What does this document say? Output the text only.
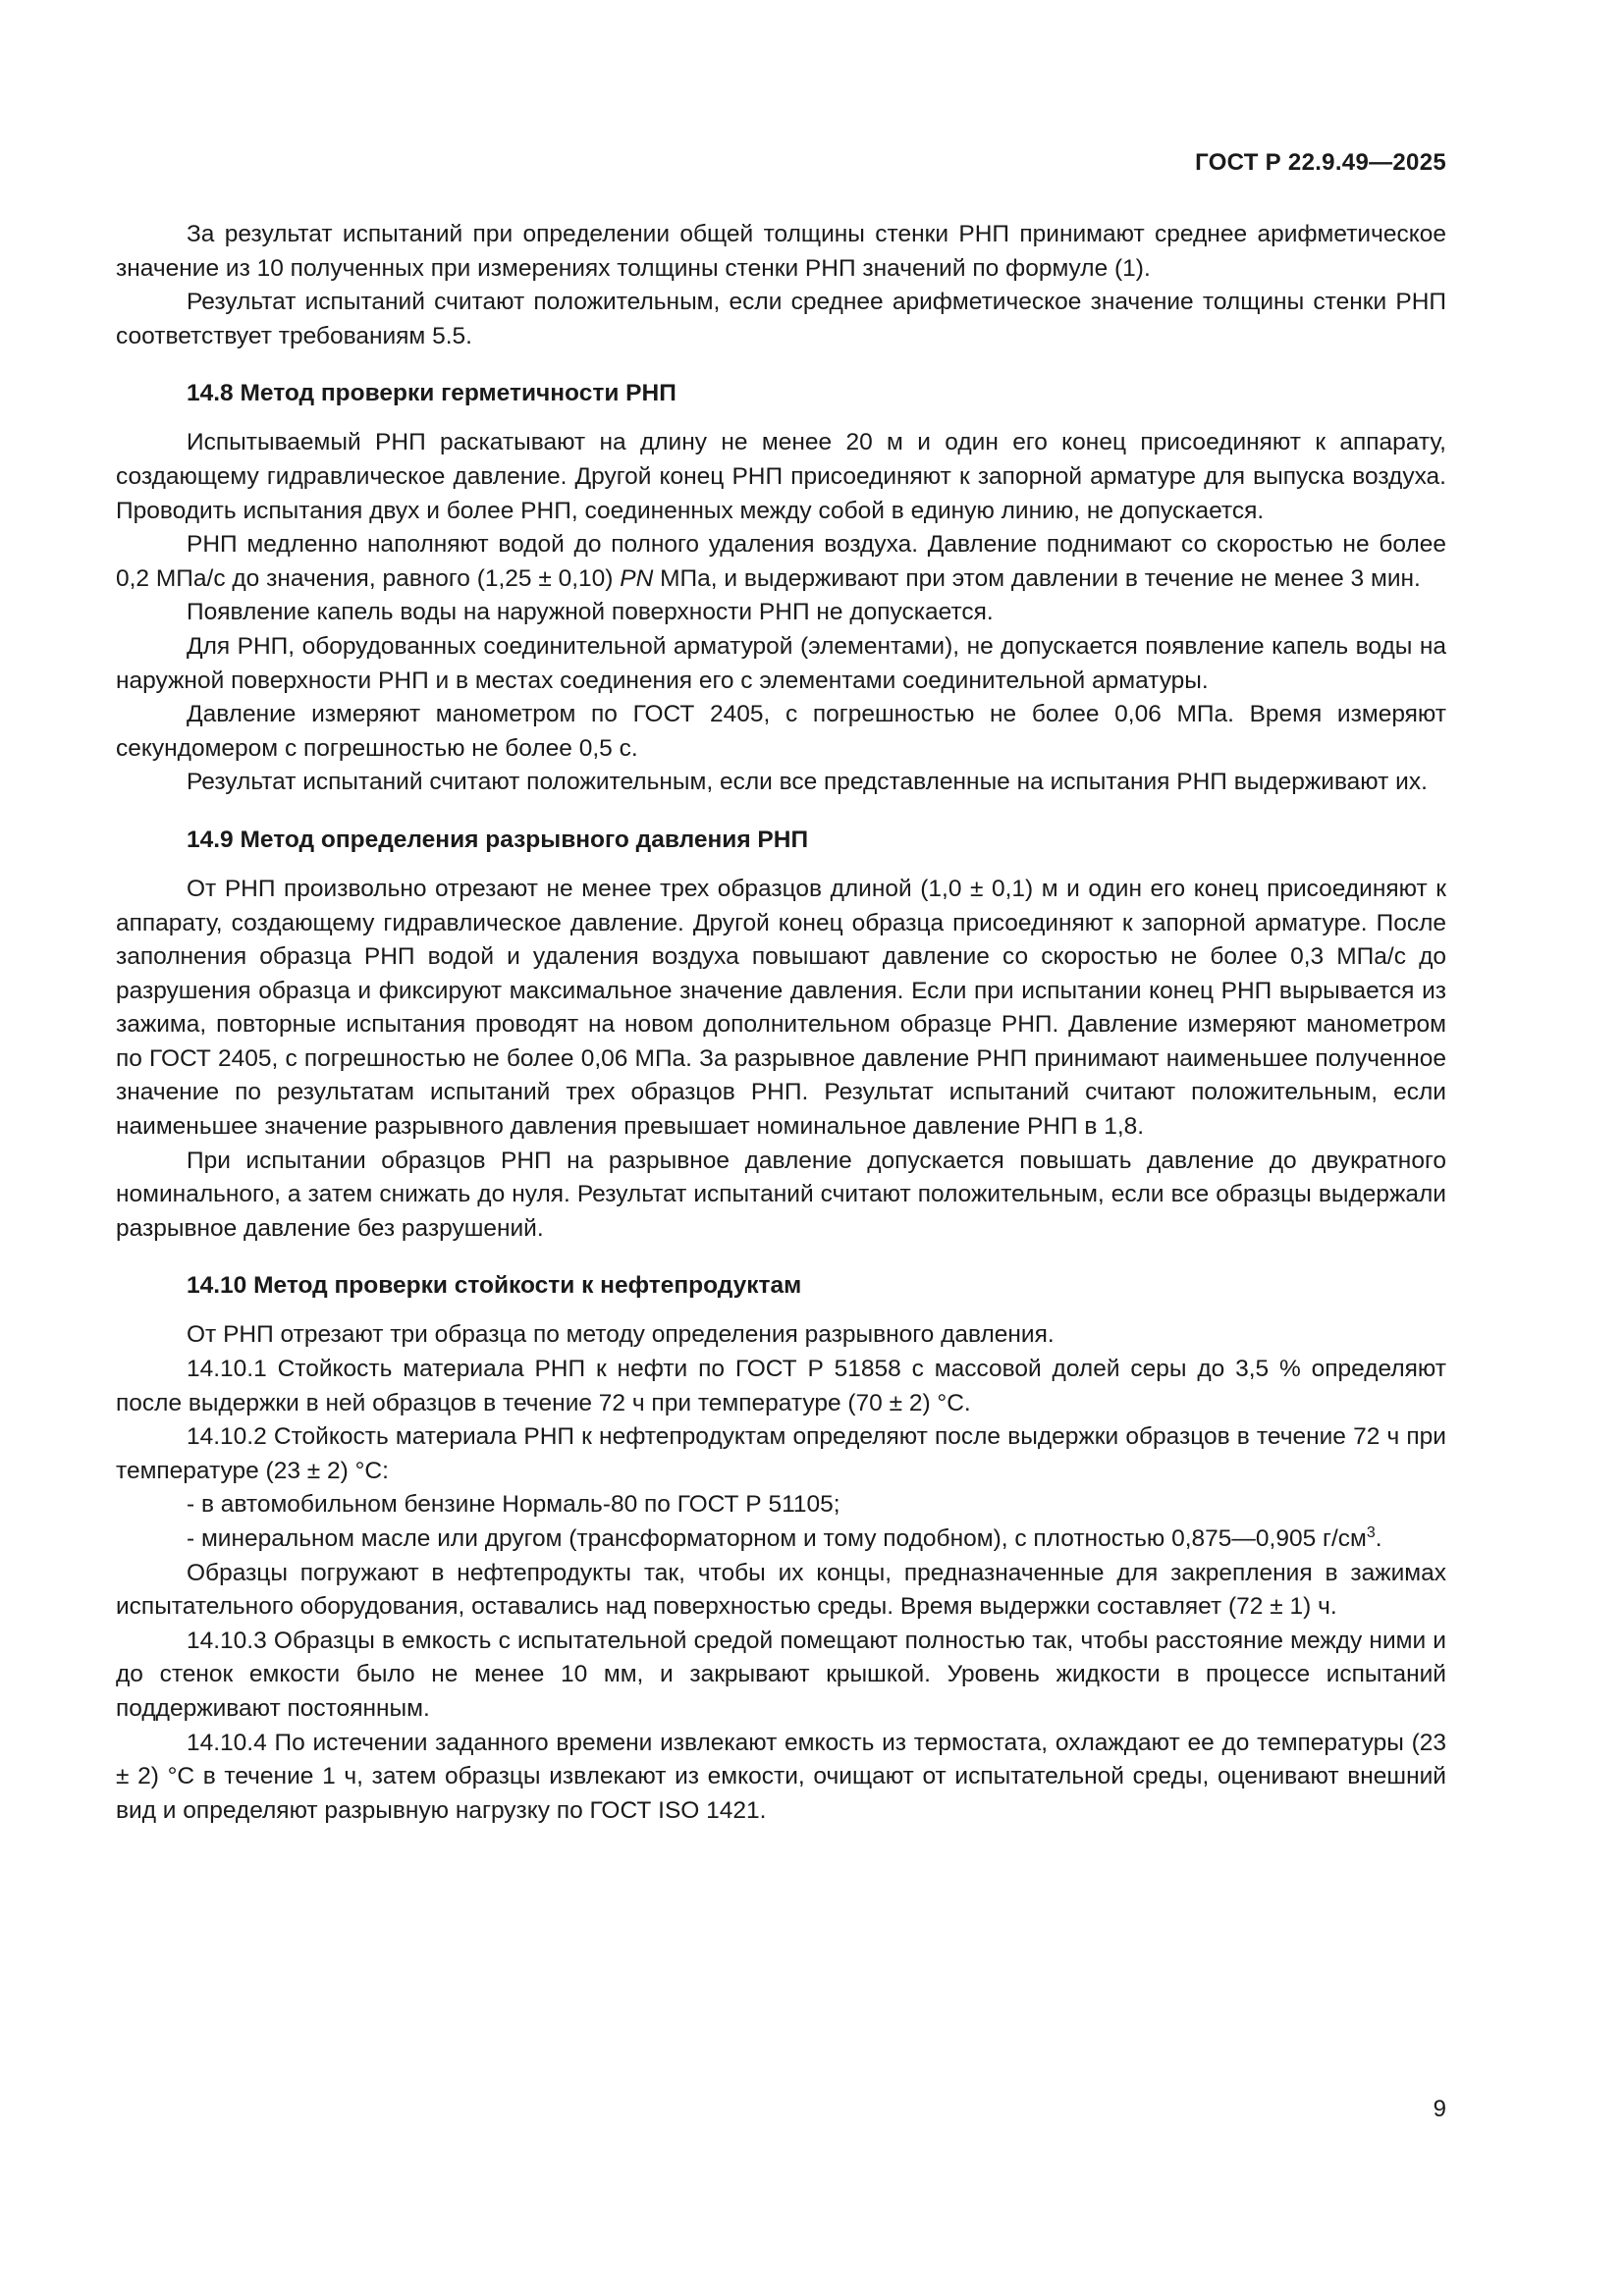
ГОСТ Р 22.9.49—2025

За результат испытаний при определении общей толщины стенки РНП принимают среднее арифметическое значение из 10 полученных при измерениях толщины стенки РНП значений по формуле (1).

Результат испытаний считают положительным, если среднее арифметическое значение толщины стенки РНП соответствует требованиям 5.5.

14.8 Метод проверки герметичности РНП

Испытываемый РНП раскатывают на длину не менее 20 м и один его конец присоединяют к аппарату, создающему гидравлическое давление. Другой конец РНП присоединяют к запорной арматуре для выпуска воздуха. Проводить испытания двух и более РНП, соединенных между собой в единую линию, не допускается.

РНП медленно наполняют водой до полного удаления воздуха. Давление поднимают со скоростью не более 0,2 МПа/с до значения, равного (1,25 ± 0,10) PN МПа, и выдерживают при этом давлении в течение не менее 3 мин.

Появление капель воды на наружной поверхности РНП не допускается.

Для РНП, оборудованных соединительной арматурой (элементами), не допускается появление капель воды на наружной поверхности РНП и в местах соединения его с элементами соединительной арматуры.

Давление измеряют манометром по ГОСТ 2405, с погрешностью не более 0,06 МПа. Время измеряют секундомером с погрешностью не более 0,5 с.

Результат испытаний считают положительным, если все представленные на испытания РНП выдерживают их.

14.9 Метод определения разрывного давления РНП

От РНП произвольно отрезают не менее трех образцов длиной (1,0 ± 0,1) м и один его конец присоединяют к аппарату, создающему гидравлическое давление. Другой конец образца присоединяют к запорной арматуре. После заполнения образца РНП водой и удаления воздуха повышают давление со скоростью не более 0,3 МПа/с до разрушения образца и фиксируют максимальное значение давления. Если при испытании конец РНП вырывается из зажима, повторные испытания проводят на новом дополнительном образце РНП. Давление измеряют манометром по ГОСТ 2405, с погрешностью не более 0,06 МПа. За разрывное давление РНП принимают наименьшее полученное значение по результатам испытаний трех образцов РНП. Результат испытаний считают положительным, если наименьшее значение разрывного давления превышает номинальное давление РНП в 1,8.

При испытании образцов РНП на разрывное давление допускается повышать давление до двукратного номинального, а затем снижать до нуля. Результат испытаний считают положительным, если все образцы выдержали разрывное давление без разрушений.

14.10 Метод проверки стойкости к нефтепродуктам

От РНП отрезают три образца по методу определения разрывного давления.

14.10.1 Стойкость материала РНП к нефти по ГОСТ Р 51858 с массовой долей серы до 3,5 % определяют после выдержки в ней образцов в течение 72 ч при температуре (70 ± 2) °С.

14.10.2 Стойкость материала РНП к нефтепродуктам определяют после выдержки образцов в течение 72 ч при температуре (23 ± 2) °С:

- в автомобильном бензине Нормаль-80 по ГОСТ Р 51105;

- минеральном масле или другом (трансформаторном и тому подобном), с плотностью 0,875—0,905 $г/см^3$.

Образцы погружают в нефтепродукты так, чтобы их концы, предназначенные для закрепления в зажимах испытательного оборудования, оставались над поверхностью среды. Время выдержки составляет (72 ± 1) ч.

14.10.3 Образцы в емкость с испытательной средой помещают полностью так, чтобы расстояние между ними и до стенок емкости было не менее 10 мм, и закрывают крышкой. Уровень жидкости в процессе испытаний поддерживают постоянным.

14.10.4 По истечении заданного времени извлекают емкость из термостата, охлаждают ее до температуры (23 ± 2) °С в течение 1 ч, затем образцы извлекают из емкости, очищают от испытательной среды, оценивают внешний вид и определяют разрывную нагрузку по ГОСТ ISO 1421.

9
